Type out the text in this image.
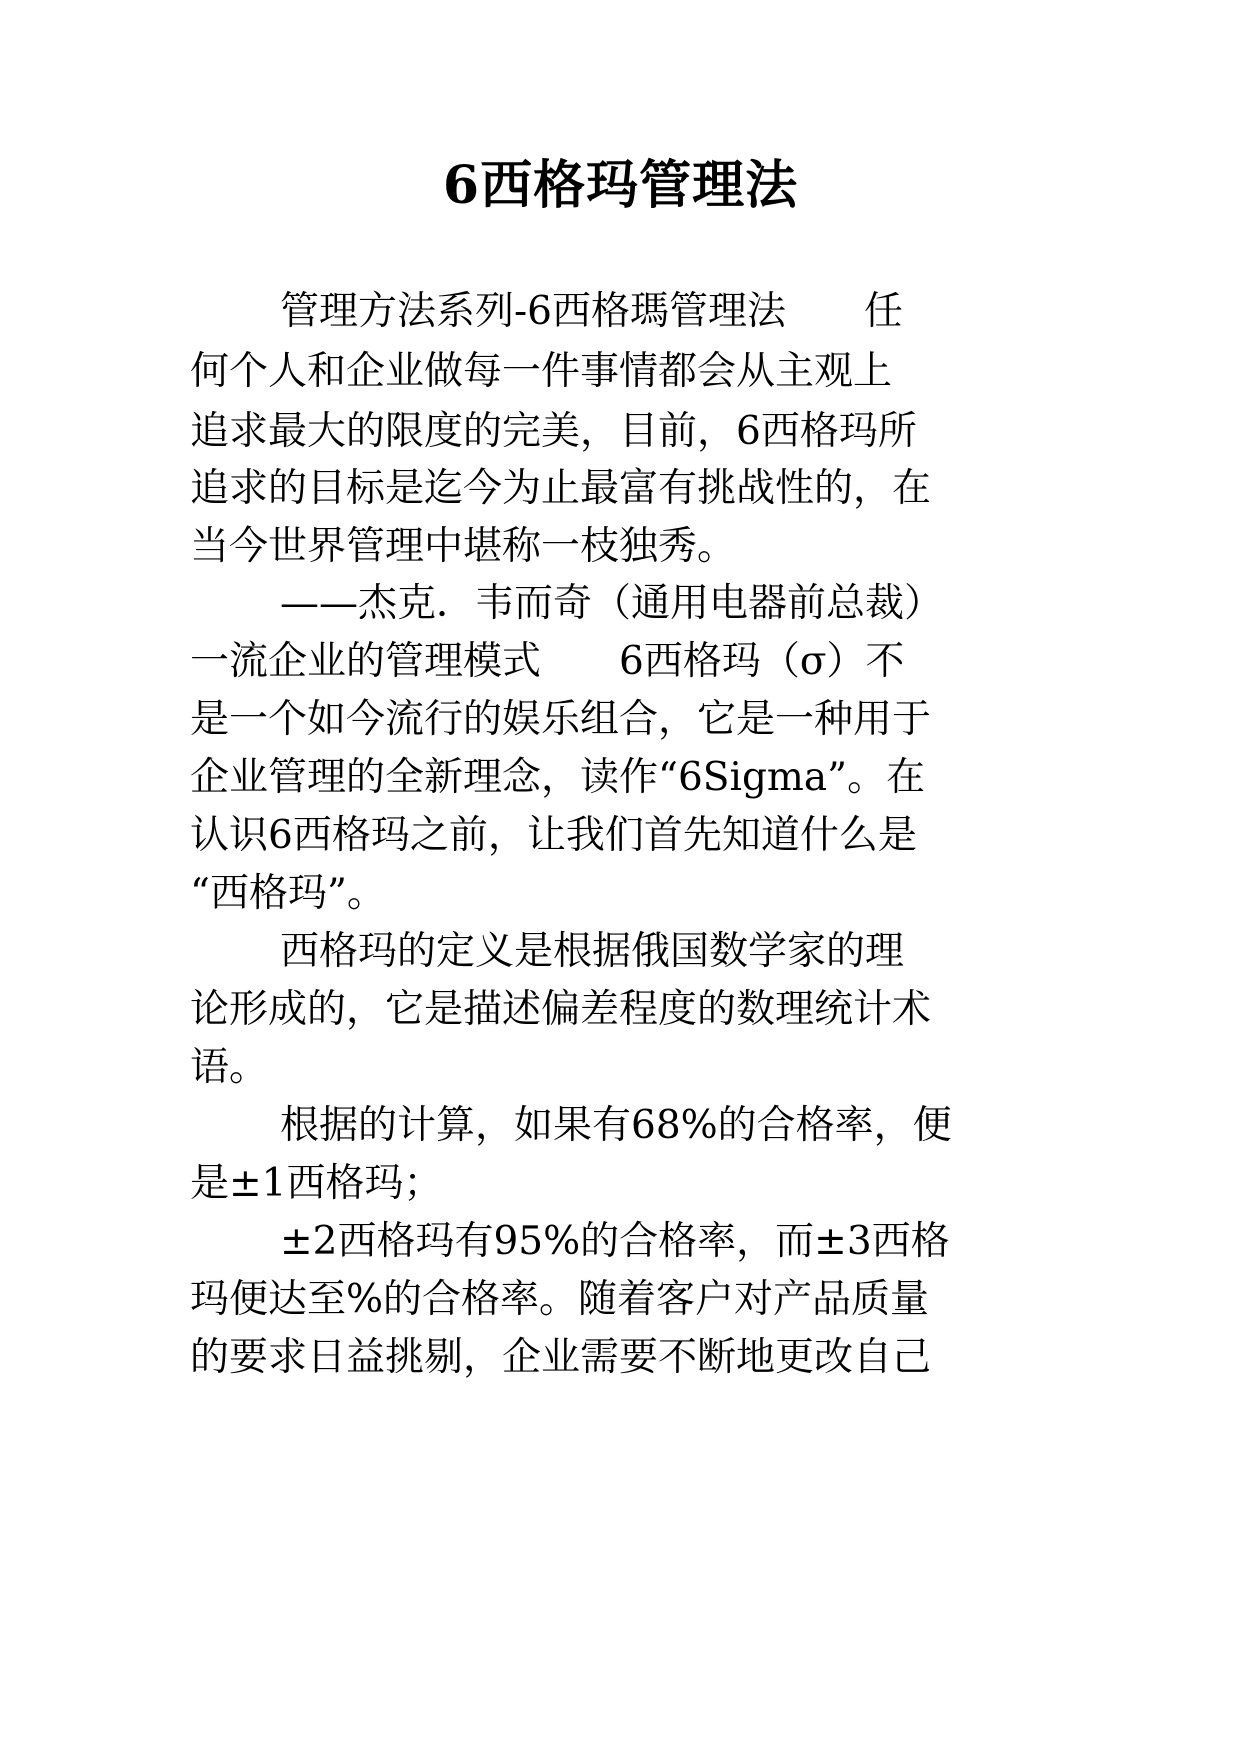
6西格玛管理法
管理方法系列-6西格瑪管理法　　任
何个人和企业做每一件事情都会从主观上
追求最大的限度的完美，目前，6西格玛所
追求的目标是迄今为止最富有挑战性的，在
当今世界管理中堪称一枝独秀。
——杰克．韦而奇（通用电器前总裁）
一流企业的管理模式　　6西格玛（σ）不
是一个如今流行的娱乐组合，它是一种用于
企业管理的全新理念，读作“6Sigma”。在
认识6西格玛之前，让我们首先知道什么是
“西格玛”。
西格玛的定义是根据俄国数学家的理
论形成的，它是描述偏差程度的数理统计术
语。
根据的计算，如果有68%的合格率，便
是±1西格玛；
±2西格玛有95%的合格率，而±3西格
玛便达至%的合格率。随着客户对产品质量
的要求日益挑剔，企业需要不断地更改自己
